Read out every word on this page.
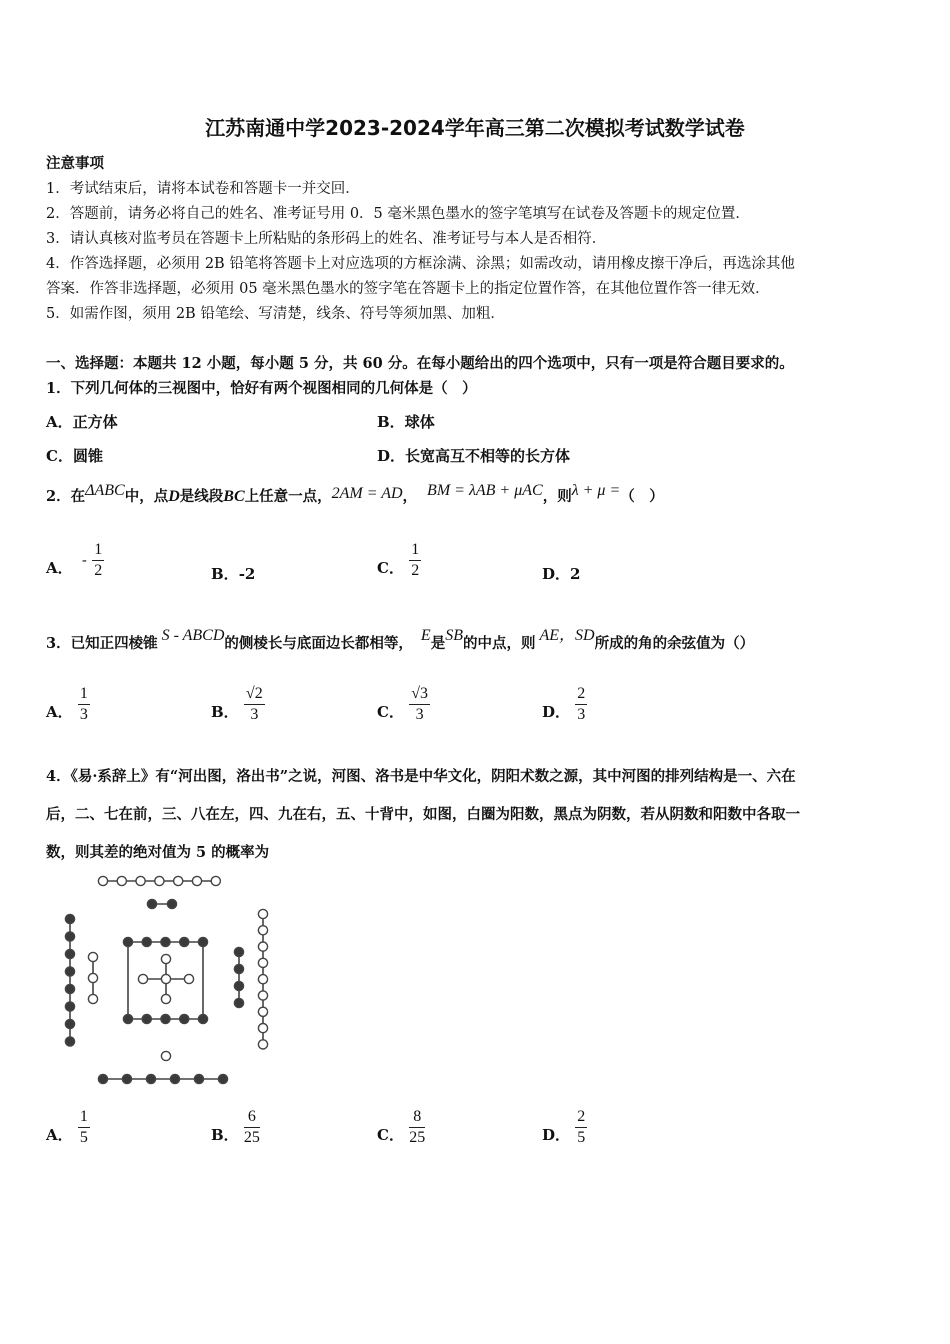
江苏南通中学2023-2024学年高三第二次模拟考试数学试卷
注意事项
1．考试结束后，请将本试卷和答题卡一并交回．
2．答题前，请务必将自己的姓名、准考证号用 0．5 毫米黑色墨水的签字笔填写在试卷及答题卡的规定位置．
3．请认真核对监考员在答题卡上所粘贴的条形码上的姓名、准考证号与本人是否相符．
4．作答选择题，必须用 2B 铅笔将答题卡上对应选项的方框涂满、涂黑；如需改动，请用橡皮擦干净后，再选涂其他
答案．作答非选择题，必须用 05 毫米黑色墨水的签字笔在答题卡上的指定位置作答，在其他位置作答一律无效．
5．如需作图，须用 2B 铅笔绘、写清楚，线条、符号等须加黑、加粗．
一、选择题：本题共 12 小题，每小题 5 分，共 60 分。在每小题给出的四个选项中，只有一项是符合题目要求的。
1．下列几何体的三视图中，恰好有两个视图相同的几何体是（　）
A．正方体	B．球体
C．圆锥	D．长宽高互不相等的长方体
2．在ΔABC中，点D是线段BC上任意一点，2AM = AD， BM = λAB + μAC，则λ + μ =（　）
A． - $\frac{1}{2}$	B．-2	C． $\frac{1}{2}$	D．2
3．已知正四棱锥 S - ABCD的侧棱长与底面边长都相等， E是SB的中点，则 AE，SD所成的角的余弦值为（）
A． $\frac{1}{3}$	B． $\frac{√2}{3}$	C． $\frac{√3}{3}$	D． $\frac{2}{3}$
4．《易·系辞上》有“河出图，洛出书”之说，河图、洛书是中华文化，阴阳术数之源，其中河图的排列结构是一、六在
后，二、七在前，三、八在左，四、九在右，五、十背中，如图，白圈为阳数，黑点为阴数，若从阴数和阳数中各取一
数，则其差的绝对值为 5 的概率为
A． $\frac{1}{5}$	B． $\frac{6}{25}$	C． $\frac{8}{25}$	D． $\frac{2}{5}$
